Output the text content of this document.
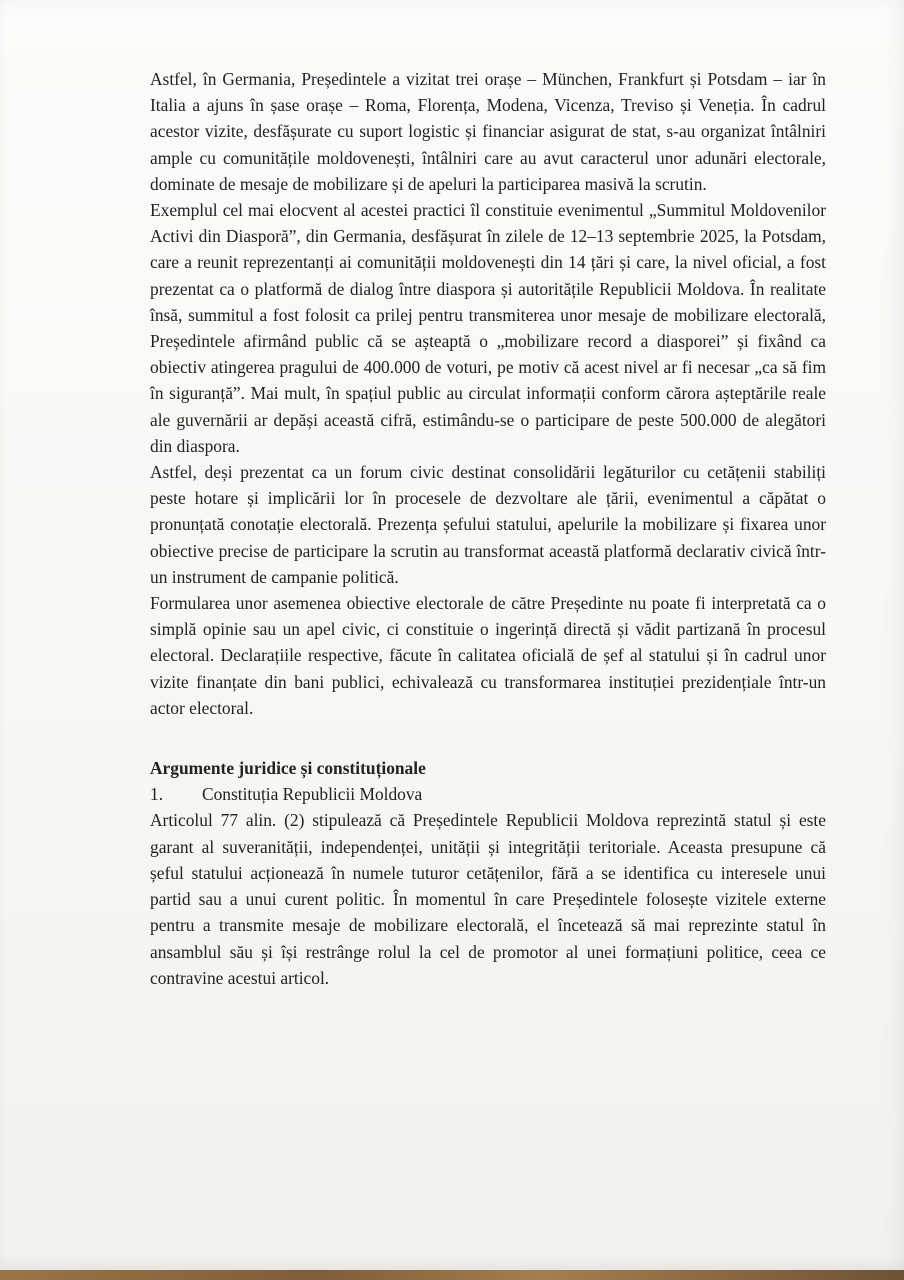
Astfel, în Germania, Președintele a vizitat trei orașe – München, Frankfurt și Potsdam – iar în Italia a ajuns în șase orașe – Roma, Florența, Modena, Vicenza, Treviso și Veneția. În cadrul acestor vizite, desfășurate cu suport logistic și financiar asigurat de stat, s-au organizat întâlniri ample cu comunitățile moldovenești, întâlniri care au avut caracterul unor adunări electorale, dominate de mesaje de mobilizare și de apeluri la participarea masivă la scrutin.

Exemplul cel mai elocvent al acestei practici îl constituie evenimentul „Summitul Moldovenilor Activi din Diasporă”, din Germania, desfășurat în zilele de 12–13 septembrie 2025, la Potsdam, care a reunit reprezentanți ai comunității moldovenești din 14 țări și care, la nivel oficial, a fost prezentat ca o platformă de dialog între diaspora și autoritățile Republicii Moldova. În realitate însă, summitul a fost folosit ca prilej pentru transmiterea unor mesaje de mobilizare electorală, Președintele afirmând public că se așteaptă o „mobilizare record a diasporei” și fixând ca obiectiv atingerea pragului de 400.000 de voturi, pe motiv că acest nivel ar fi necesar „ca să fim în siguranță”. Mai mult, în spațiul public au circulat informații conform cărora așteptările reale ale guvernării ar depăși această cifră, estimându-se o participare de peste 500.000 de alegători din diaspora.

Astfel, deși prezentat ca un forum civic destinat consolidării legăturilor cu cetățenii stabiliți peste hotare și implicării lor în procesele de dezvoltare ale țării, evenimentul a căpătat o pronunțată conotație electorală. Prezența șefului statului, apelurile la mobilizare și fixarea unor obiective precise de participare la scrutin au transformat această platformă declarativ civică într-un instrument de campanie politică.

Formularea unor asemenea obiective electorale de către Președinte nu poate fi interpretată ca o simplă opinie sau un apel civic, ci constituie o ingerință directă și vădit partizană în procesul electoral. Declarațiile respective, făcute în calitatea oficială de șef al statului și în cadrul unor vizite finanțate din bani publici, echivalează cu transformarea instituției prezidențiale într-un actor electoral.

Argumente juridice și constituționale

1. Constituția Republicii Moldova

Articolul 77 alin. (2) stipulează că Președintele Republicii Moldova reprezintă statul și este garant al suveranității, independenței, unității și integrității teritoriale. Aceasta presupune că șeful statului acționează în numele tuturor cetățenilor, fără a se identifica cu interesele unui partid sau a unui curent politic. În momentul în care Președintele folosește vizitele externe pentru a transmite mesaje de mobilizare electorală, el încetează să mai reprezinte statul în ansamblul său și își restrânge rolul la cel de promotor al unei formațiuni politice, ceea ce contravine acestui articol.
